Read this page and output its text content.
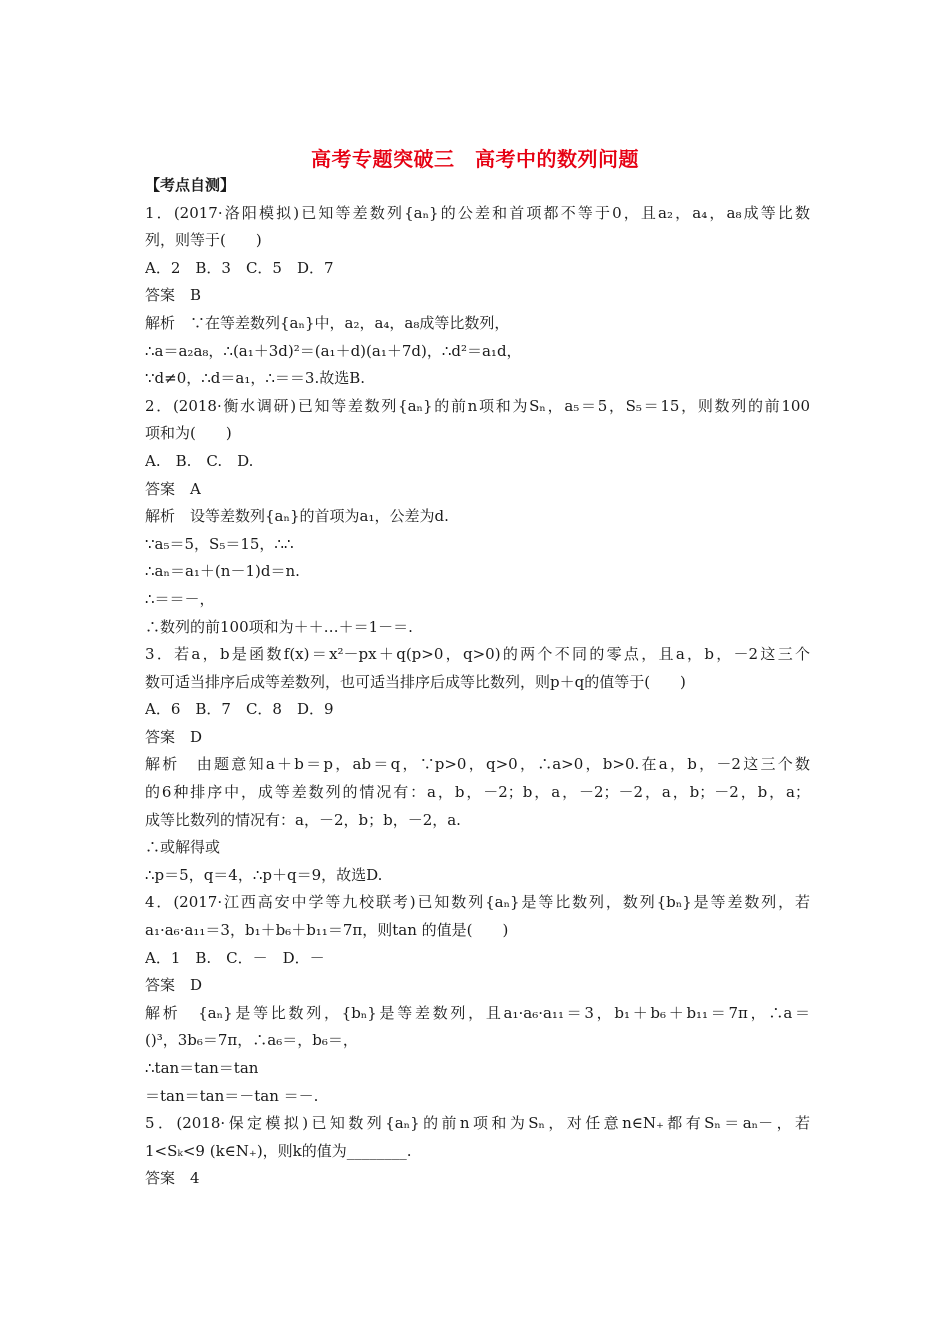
高考专题突破三　高考中的数列问题
【考点自测】
1．(2017·洛阳模拟)已知等差数列{aₙ}的公差和首项都不等于0，且a₂，a₄，a₈成等比数
列，则等于(　　)
A．2　B．3　C．5　D．7
答案　B
解析　∵在等差数列{aₙ}中，a₂，a₄，a₈成等比数列，
∴a＝a₂a₈，∴(a₁＋3d)²＝(a₁＋d)(a₁＋7d)，∴d²＝a₁d，
∵d≠0，∴d＝a₁，∴＝＝3.故选B.
2．(2018·衡水调研)已知等差数列{aₙ}的前n项和为Sₙ，a₅＝5，S₅＝15，则数列的前100
项和为(　　)
A.　B.　C.　D.
答案　A
解析　设等差数列{aₙ}的首项为a₁，公差为d.
∵a₅＝5，S₅＝15，∴∴
∴aₙ＝a₁＋(n－1)d＝n.
∴＝＝－，
∴数列的前100项和为＋＋…＋＝1－＝.
3．若a，b是函数f(x)＝x²－px＋q(p>0，q>0)的两个不同的零点，且a，b，－2这三个
数可适当排序后成等差数列，也可适当排序后成等比数列，则p＋q的值等于(　　)
A．6　B．7　C．8　D．9
答案　D
解析　由题意知a＋b＝p，ab＝q，∵p>0，q>0，∴a>0，b>0.在a，b，－2这三个数
的6种排序中，成等差数列的情况有：a，b，－2；b，a，－2；－2，a，b；－2，b，a；
成等比数列的情况有：a，－2，b；b，－2，a.
∴或解得或
∴p＝5，q＝4，∴p＋q＝9，故选D.
4．(2017·江西高安中学等九校联考)已知数列{aₙ}是等比数列，数列{bₙ}是等差数列，若
a₁·a₆·a₁₁＝3，b₁＋b₆＋b₁₁＝7π，则tan 的值是(　　)
A．1　B.　C．－　D．－
答案　D
解析　{aₙ}是等比数列，{bₙ}是等差数列，且a₁·a₆·a₁₁＝3，b₁＋b₆＋b₁₁＝7π，∴a＝
()³，3b₆＝7π，∴a₆＝，b₆＝，
∴tan＝tan＝tan
＝tan＝tan＝－tan ＝－.
5．(2018·保定模拟)已知数列{aₙ}的前n项和为Sₙ，对任意n∈N₊都有Sₙ＝aₙ－，若
1<Sₖ<9 (k∈N₊)，则k的值为________.
答案　4
